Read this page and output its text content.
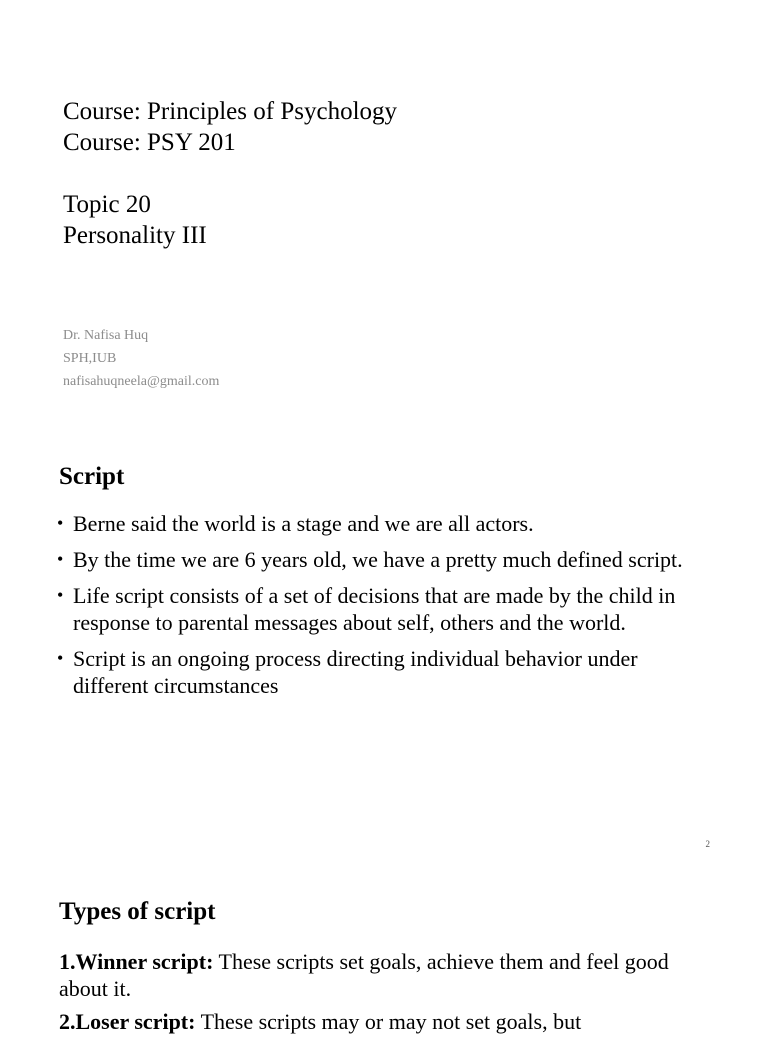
Course: Principles of Psychology
Course: PSY 201
Topic 20
Personality III
Dr. Nafisa Huq
SPH,IUB
nafisahuqneela@gmail.com
Script
• Berne said the world is a stage and we are all actors.
• By the time we are 6 years old, we have a pretty much defined script.
• Life script consists of a set of decisions that are made by the child in response to parental messages about self, others and the world.
• Script is an ongoing process directing individual behavior under different circumstances
2
Types of script

1.Winner script: These scripts set goals, achieve them and feel good about it.

2.Loser script: These scripts may or may not set goals, but
